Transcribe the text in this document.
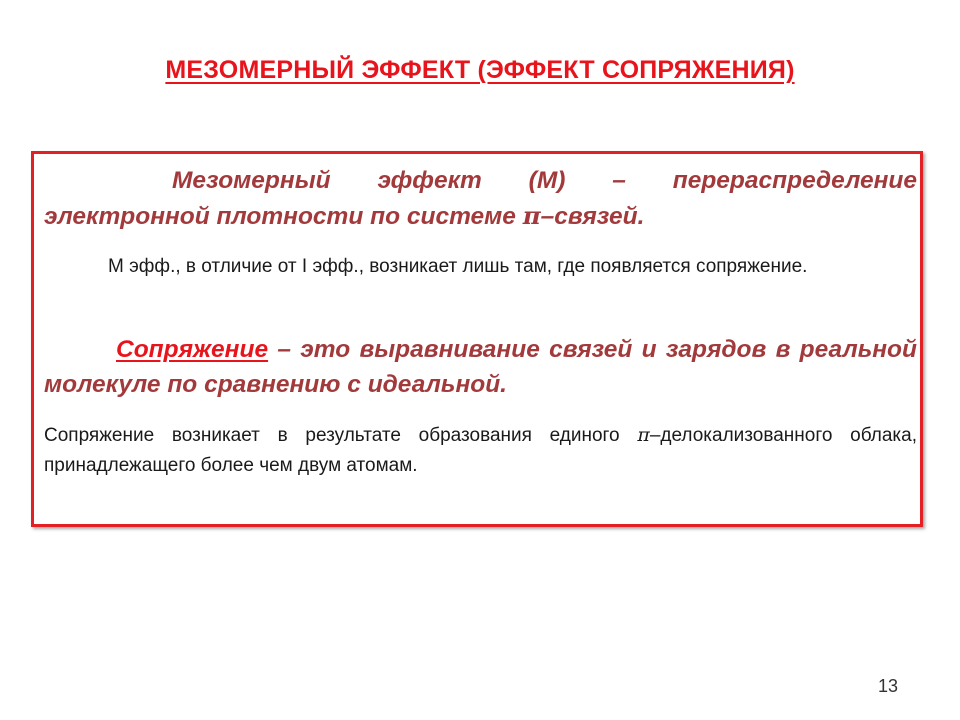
МЕЗОМЕРНЫЙ ЭФФЕКТ (ЭФФЕКТ СОПРЯЖЕНИЯ)

Мезомерный эффект (М) – перераспределение электронной плотности по системе π–связей.

М эфф., в отличие от I эфф., возникает лишь там, где появляется сопряжение.

Сопряжение – это выравнивание связей и зарядов в реальной молекуле по сравнению с идеальной.

Сопряжение возникает в результате образования единого π–делокализованного облака, принадлежащего более чем двум атомам.

13
